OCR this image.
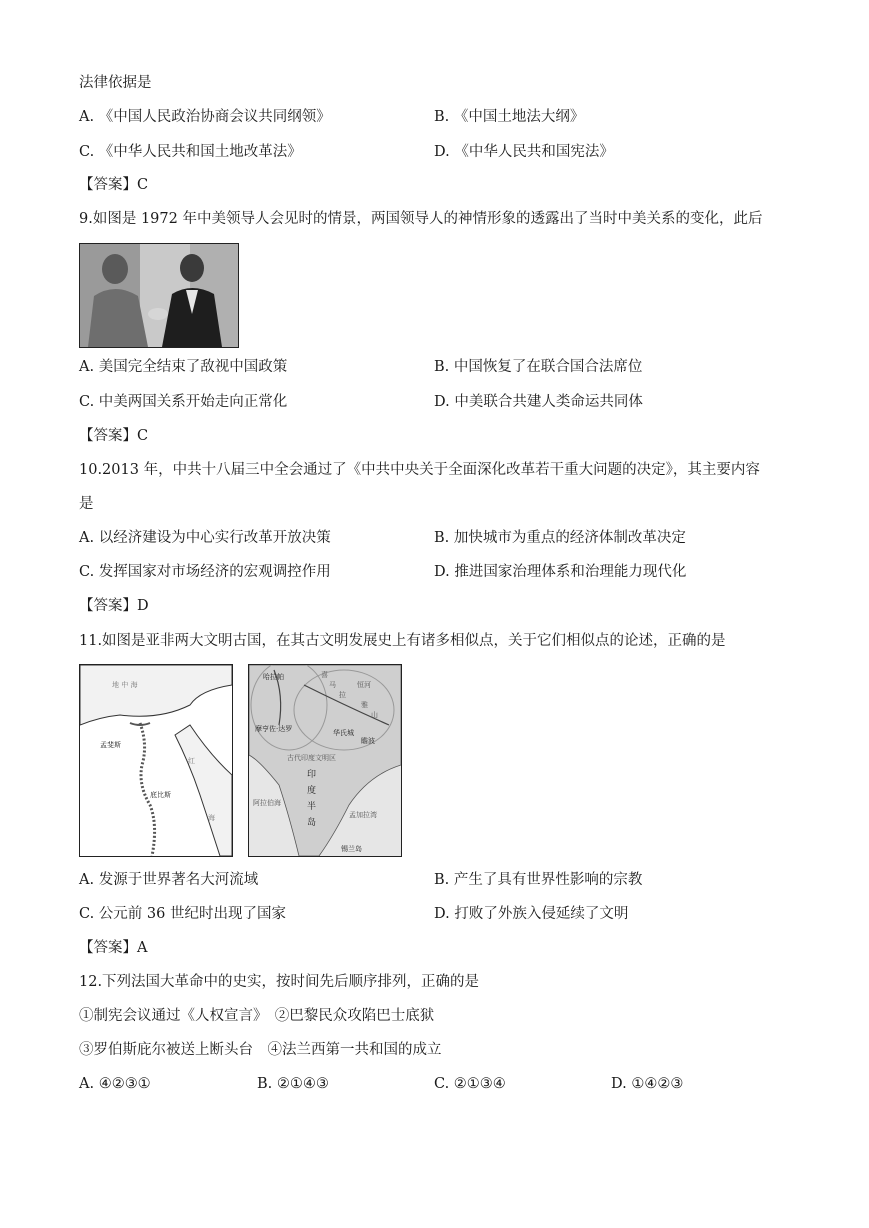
法律依据是
A. 《中国人民政治协商会议共同纲领》	B. 《中国土地法大纲》
C. 《中华人民共和国土地改革法》	D. 《中华人民共和国宪法》
【答案】C
9.如图是 1972 年中美领导人会见时的情景，两国领导人的神情形象的透露出了当时中美关系的变化，此后
A. 美国完全结束了敌视中国政策	B. 中国恢复了在联合国合法席位
C. 中美两国关系开始走向正常化	D. 中美联合共建人类命运共同体
【答案】C
10.2013 年，中共十八届三中全会通过了《中共中央关于全面深化改革若干重大问题的决定》，其主要内容
是
A. 以经济建设为中心实行改革开放决策	B. 加快城市为重点的经济体制改革决定
C. 发挥国家对市场经济的宏观调控作用	D. 推进国家治理体系和治理能力现代化
【答案】D
11.如图是亚非两大文明古国，在其古文明发展史上有诸多相似点，关于它们相似点的论述，正确的是
地 中 海
孟斐斯
底比斯
红
海
哈拉帕
摩亨佐·达罗
古代印度文明区
喜
马
拉
雅
山
恒河
华氏城
印
度
半
岛
孟加拉湾
锡兰岛
阿拉伯海
瞻波
A. 发源于世界著名大河流域	B. 产生了具有世界性影响的宗教
C. 公元前 36 世纪时出现了国家	D. 打败了外族入侵延续了文明
【答案】A
12.下列法国大革命中的史实，按时间先后顺序排列，正确的是
①制宪会议通过《人权宣言》　②巴黎民众攻陷巴士底狱
③罗伯斯庇尔被送上断头台　④法兰西第一共和国的成立
A. ④②③①	B. ②①④③	C. ②①③④	D. ①④②③
